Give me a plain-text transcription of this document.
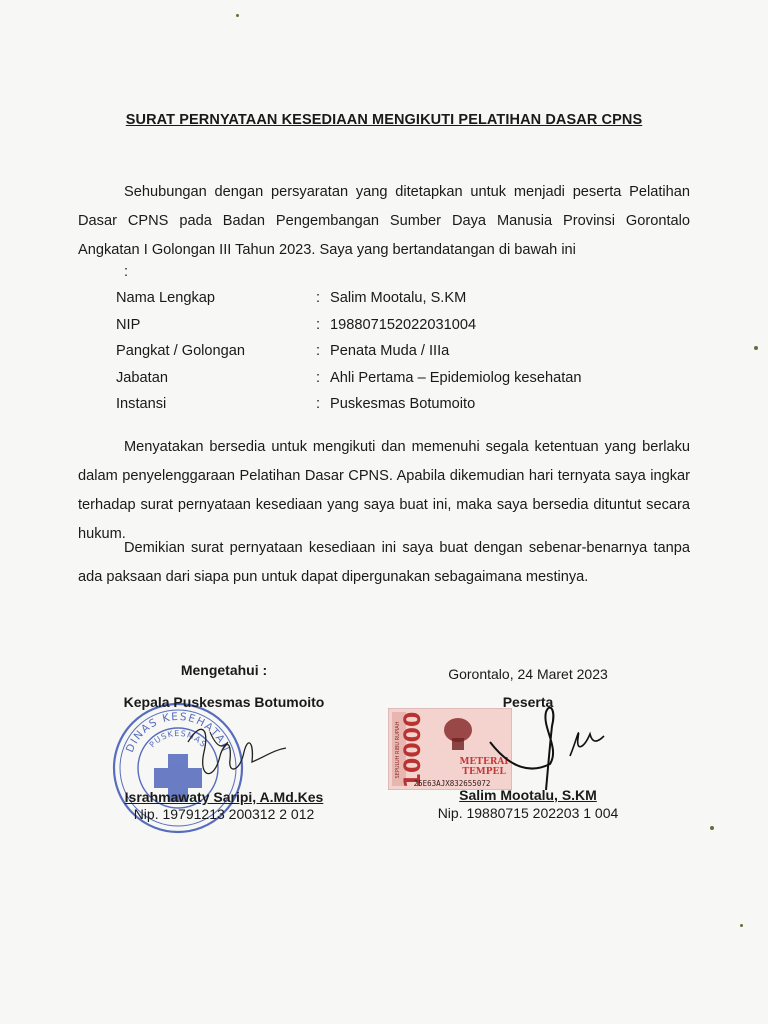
SURAT PERNYATAAN KESEDIAAN MENGIKUTI PELATIHAN DASAR CPNS

Sehubungan dengan persyaratan yang ditetapkan untuk menjadi peserta Pelatihan Dasar CPNS pada Badan Pengembangan Sumber Daya Manusia Provinsi Gorontalo Angkatan I Golongan III Tahun 2023. Saya yang bertandatangan di bawah ini

:
Nama Lengkap	:	Salim Mootalu, S.KM
NIP	:	198807152022031004
Pangkat / Golongan	:	Penata Muda / IIIa
Jabatan	:	Ahli Pertama – Epidemiolog kesehatan
Instansi	:	Puskesmas Botumoito

Menyatakan bersedia untuk mengikuti dan memenuhi segala ketentuan yang berlaku dalam penyelenggaraan Pelatihan Dasar CPNS. Apabila dikemudian hari ternyata saya ingkar terhadap surat pernyataan kesediaan yang saya buat ini, maka saya bersedia dituntut secara hukum.

Demikian surat pernyataan kesediaan ini saya buat dengan sebenar-benarnya tanpa ada paksaan dari siapa pun untuk dapat dipergunakan sebagaimana mestinya.

DINAS KESEHATAN
PUSKESMAS	SEPULUH RIBU RUPIAH 10000	METERAI
TEMPEL
25E63AJX832655072
Mengetahui :
Kepala Puskesmas Botumoito
Israhmawaty Saripi, A.Md.Kes
Nip. 19791213 200312 2 012
Gorontalo, 24 Maret 2023
Peserta
Salim Mootalu, S.KM
Nip. 19880715 202203 1 004
